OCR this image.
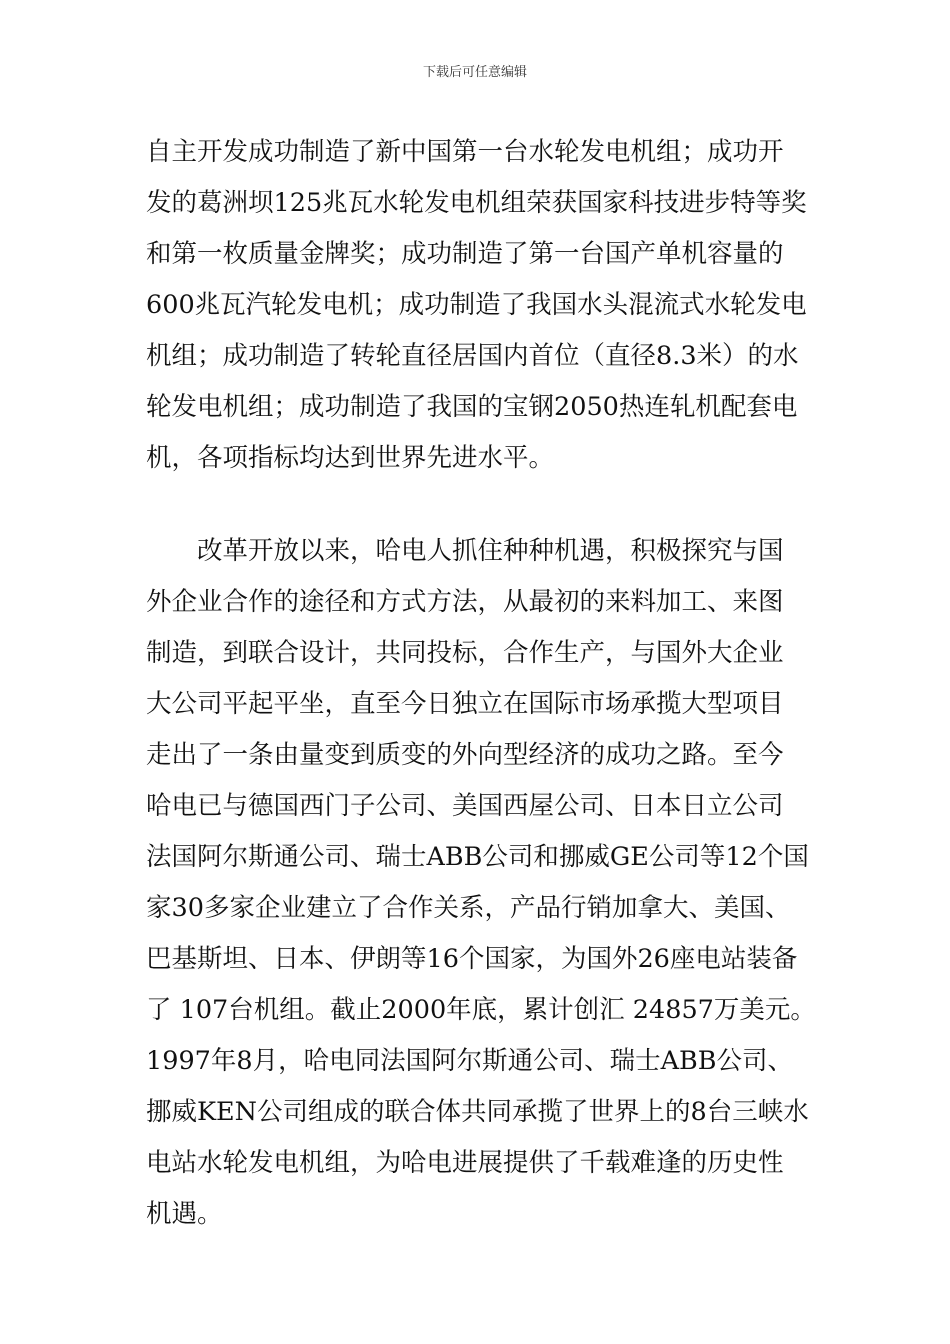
下载后可任意编辑
自主开发成功制造了新中国第一台水轮发电机组；成功开
发的葛洲坝125兆瓦水轮发电机组荣获国家科技进步特等奖
和第一枚质量金牌奖；成功制造了第一台国产单机容量的
600兆瓦汽轮发电机；成功制造了我国水头混流式水轮发电
机组；成功制造了转轮直径居国内首位（直径8.3米）的水
轮发电机组；成功制造了我国的宝钢2050热连轧机配套电
机，各项指标均达到世界先进水平。
改革开放以来，哈电人抓住种种机遇，积极探究与国
外企业合作的途径和方式方法，从最初的来料加工、来图
制造，到联合设计，共同投标，合作生产，与国外大企业
大公司平起平坐，直至今日独立在国际市场承揽大型项目
走出了一条由量变到质变的外向型经济的成功之路。至今
哈电已与德国西门子公司、美国西屋公司、日本日立公司
法国阿尔斯通公司、瑞士ABB公司和挪威GE公司等12个国
家30多家企业建立了合作关系，产品行销加拿大、美国、
巴基斯坦、日本、伊朗等16个国家，为国外26座电站装备
了 107台机组。截止2000年底，累计创汇 24857万美元。
1997年8月，哈电同法国阿尔斯通公司、瑞士ABB公司、
挪威KEN公司组成的联合体共同承揽了世界上的8台三峡水
电站水轮发电机组，为哈电进展提供了千载难逢的历史性
机遇。
